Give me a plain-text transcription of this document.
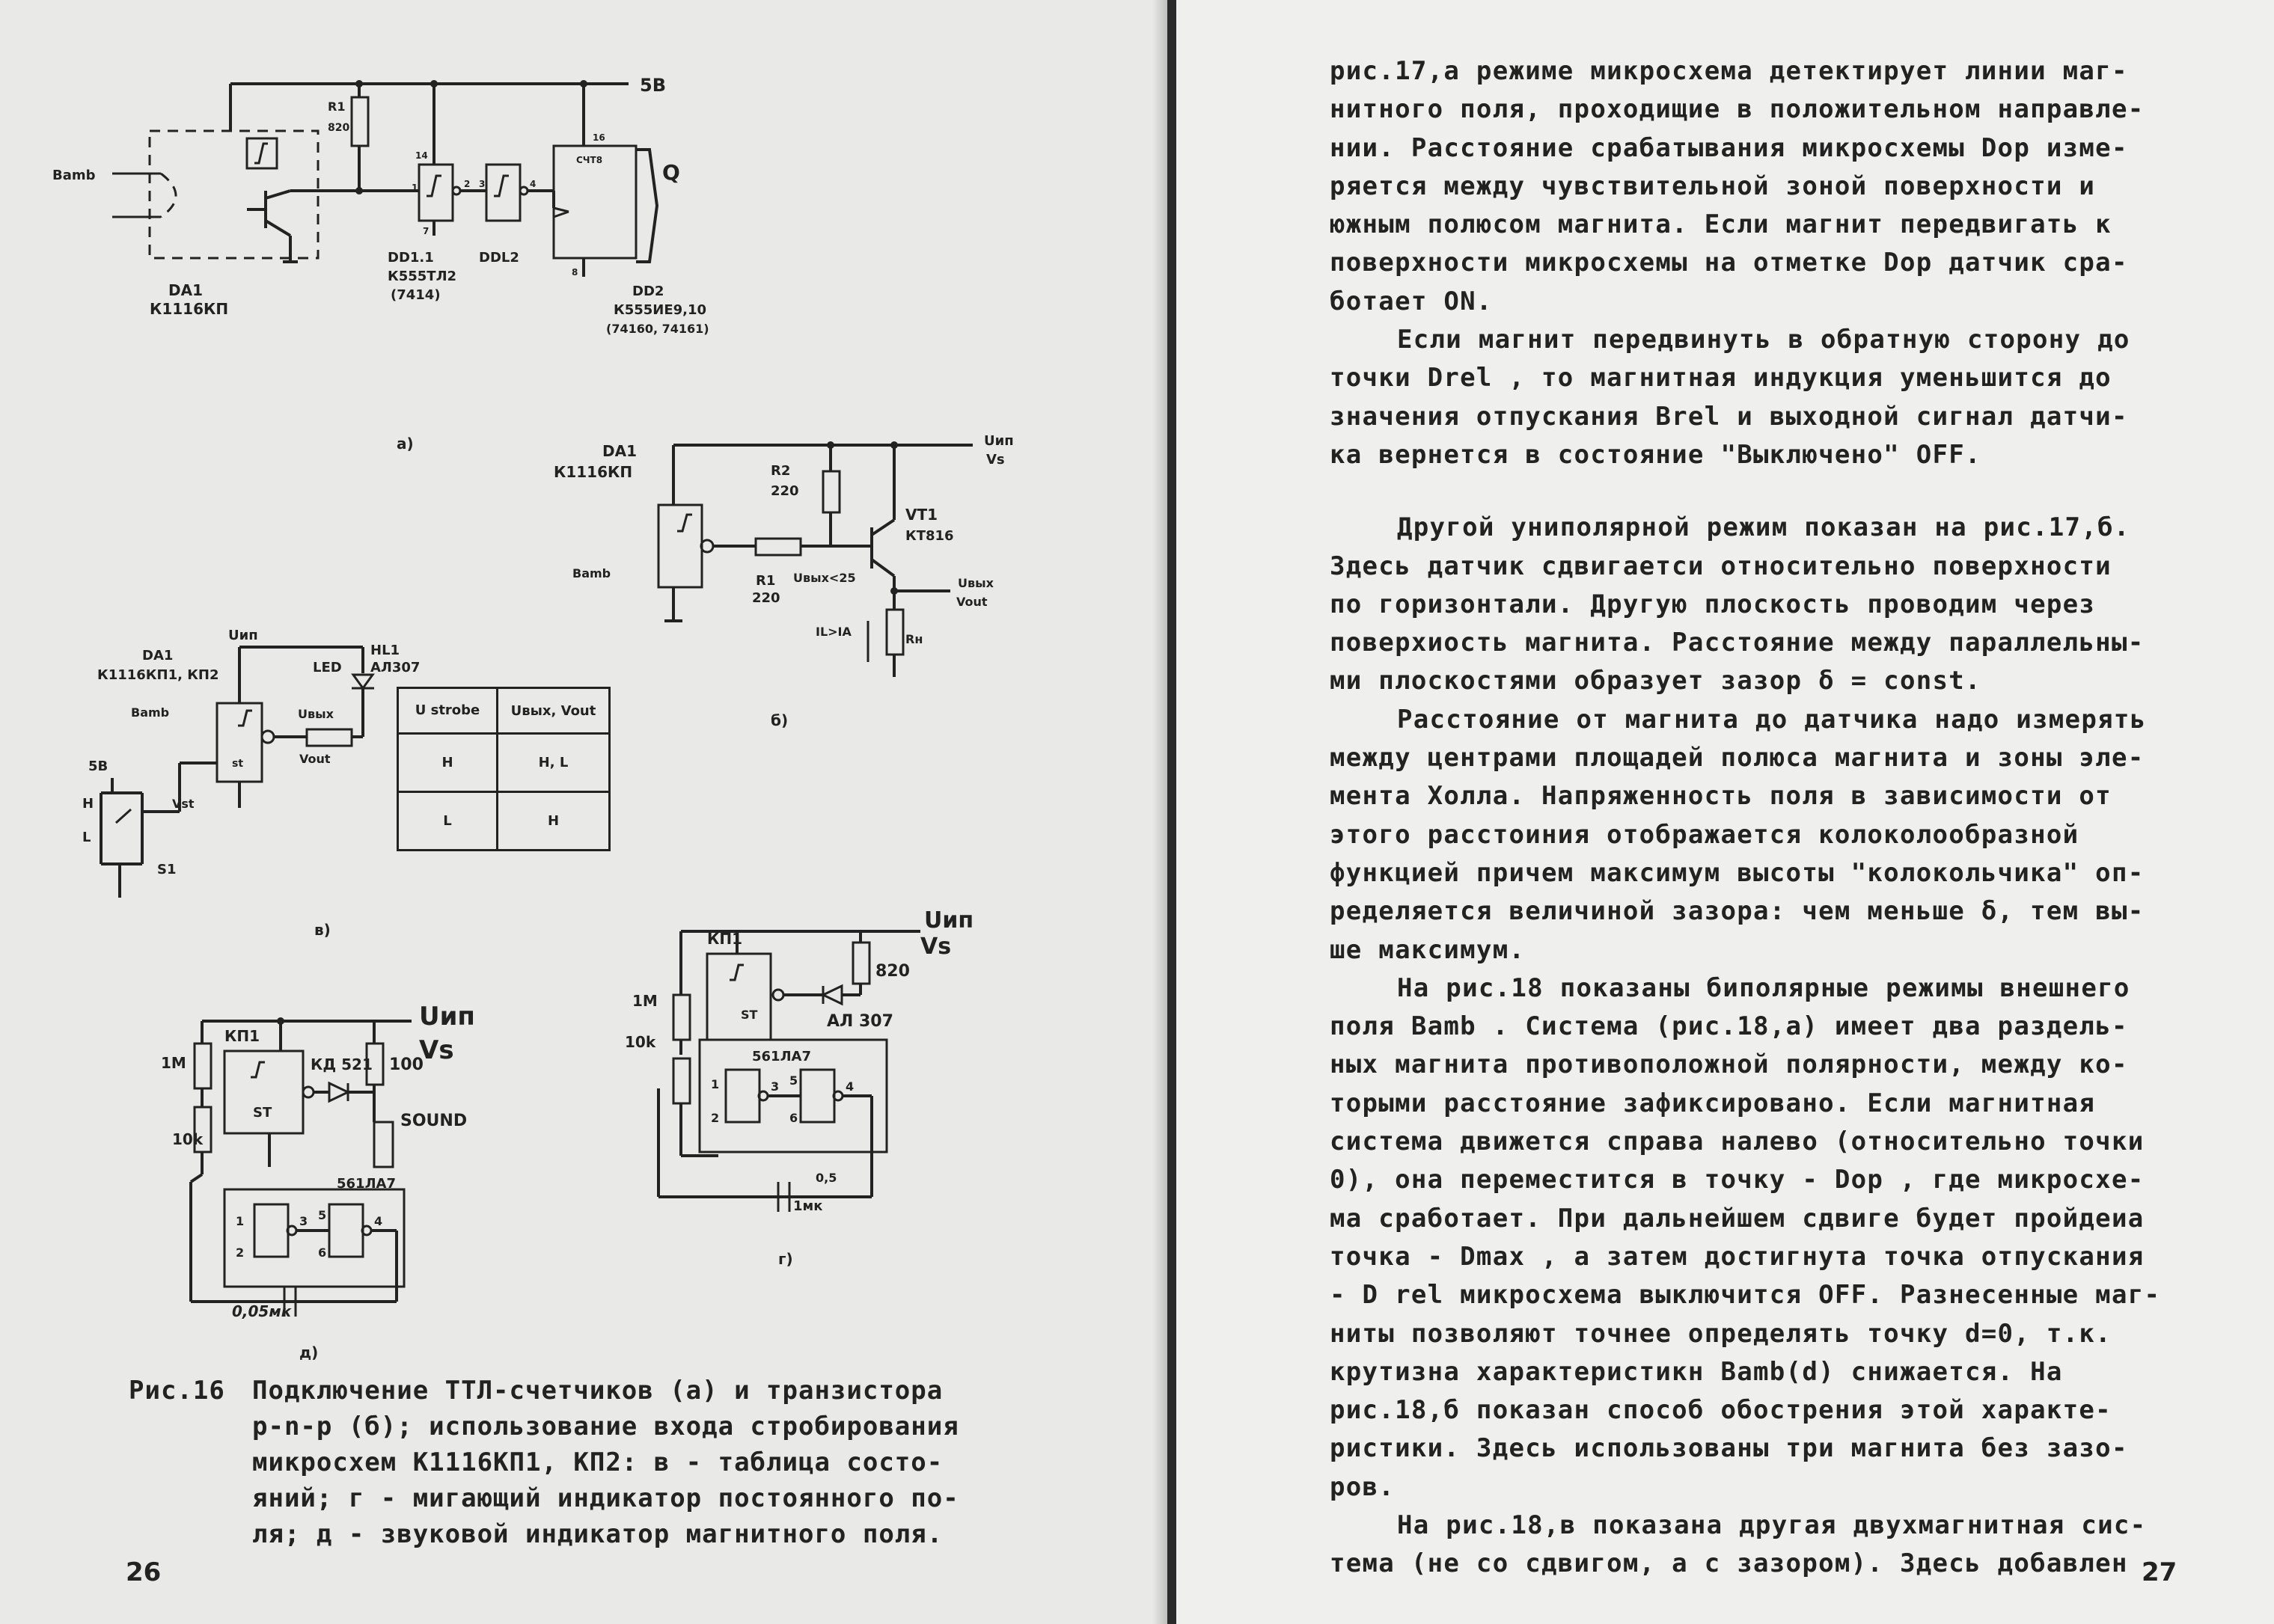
5В
Bamb
DA1
К1116КП
R1
820
14
1	2
7
DD1.1
К555ТЛ2
(7414)
3	4
DDL2
СЧТ8
16
8
Q
DD2
К555ИЕ9,10
(74160, 74161)
а)	DA1
К1116КП
Uип
Vs
Bamb
R2
220
R1
220
Uвых<25
VT1
КТ816
Uвых
Vout
Rн
IL>IA
б)
DA1
К1116КП1, КП2
Uип
HL1
АЛ307
LED
Uвых
Vout
Bamb
st
5В
H
L
Vst
S1
в)
U strobe	Uвых, Vout
H	H, L
L	H
Uип
Vs
КП1
1М
10k
ST
820
АЛ 307
561ЛА7
1
2
3 5
6
4
0,5
1мк
г)
Uип
Vs
КП1
1М
10k
ST
КД 521 100
SOUND
561ЛА7
1
2
3 5
6
4
0,05мк
д)
Рис.16	Подключение ТТЛ-счетчиков (а) и транзистора
p-n-p (б); использование входа стробирования
микросхем К1116КП1, КП2: в - таблица состо-
яний; г - мигающий индикатор постоянного по-
ля; д - звуковой индикатор магнитного поля.
26
рис.17,а режиме микросхема детектирует линии маг-
нитного поля, проходищие в положительном направле-
нии. Расстояние срабатывания микросхемы Dop изме-
ряется между чувствительной зоной поверхности и
южным полюсом магнита. Если магнит передвигать к
поверхности микросхемы на отметке Dop датчик сра-
ботает ON.
Если магнит передвинуть в обратную сторону до
точки Drel , то магнитная индукция уменьшится до
значения отпускания Brel и выходной сигнал датчи-
ка вернется в состояние "Выключено" OFF.
Другой униполярной режим показан на рис.17,б.
Здесь датчик сдвигаетси относительно поверхности
по горизонтали. Другую плоскость проводим через
поверхиость магнита. Расстояние между параллельны-
ми плоскостями образует зазор δ = const.
Расстояние от магнита до датчика надо измерять
между центрами площадей полюса магнита и зоны эле-
мента Холла. Напряженность поля в зависимости от
этого расстоиния отображается колоколообразной
функцией причем максимум высоты "колокольчика" оп-
ределяется величиной зазора: чем меньше δ, тем вы-
ше максимум.
На рис.18 показаны биполярные режимы внешнего
поля Bamb . Система (рис.18,а) имеет два раздель-
ных магнита противоположной полярности, между ко-
торыми расстояние зафиксировано. Если магнитная
система движется справа налево (относительно точки
0), она переместится в точку - Dop , где микросхе-
ма сработает. При дальнейшем сдвиге будет пройдеиа
точка - Dmax , а затем достигнута точка отпускания
- D rel микросхема выключится OFF. Разнесенные маг-
ниты позволяют точнее определять точку d=0, т.к.
крутизна характеристикн Bamb(d) снижается. На
рис.18,б показан способ обострения этой характе-
ристики. Здесь использованы три магнита без зазо-
ров.
На рис.18,в показана другая двухмагнитная сис-
тема (не со сдвигом, а с зазором). Здесь добавлен 27
